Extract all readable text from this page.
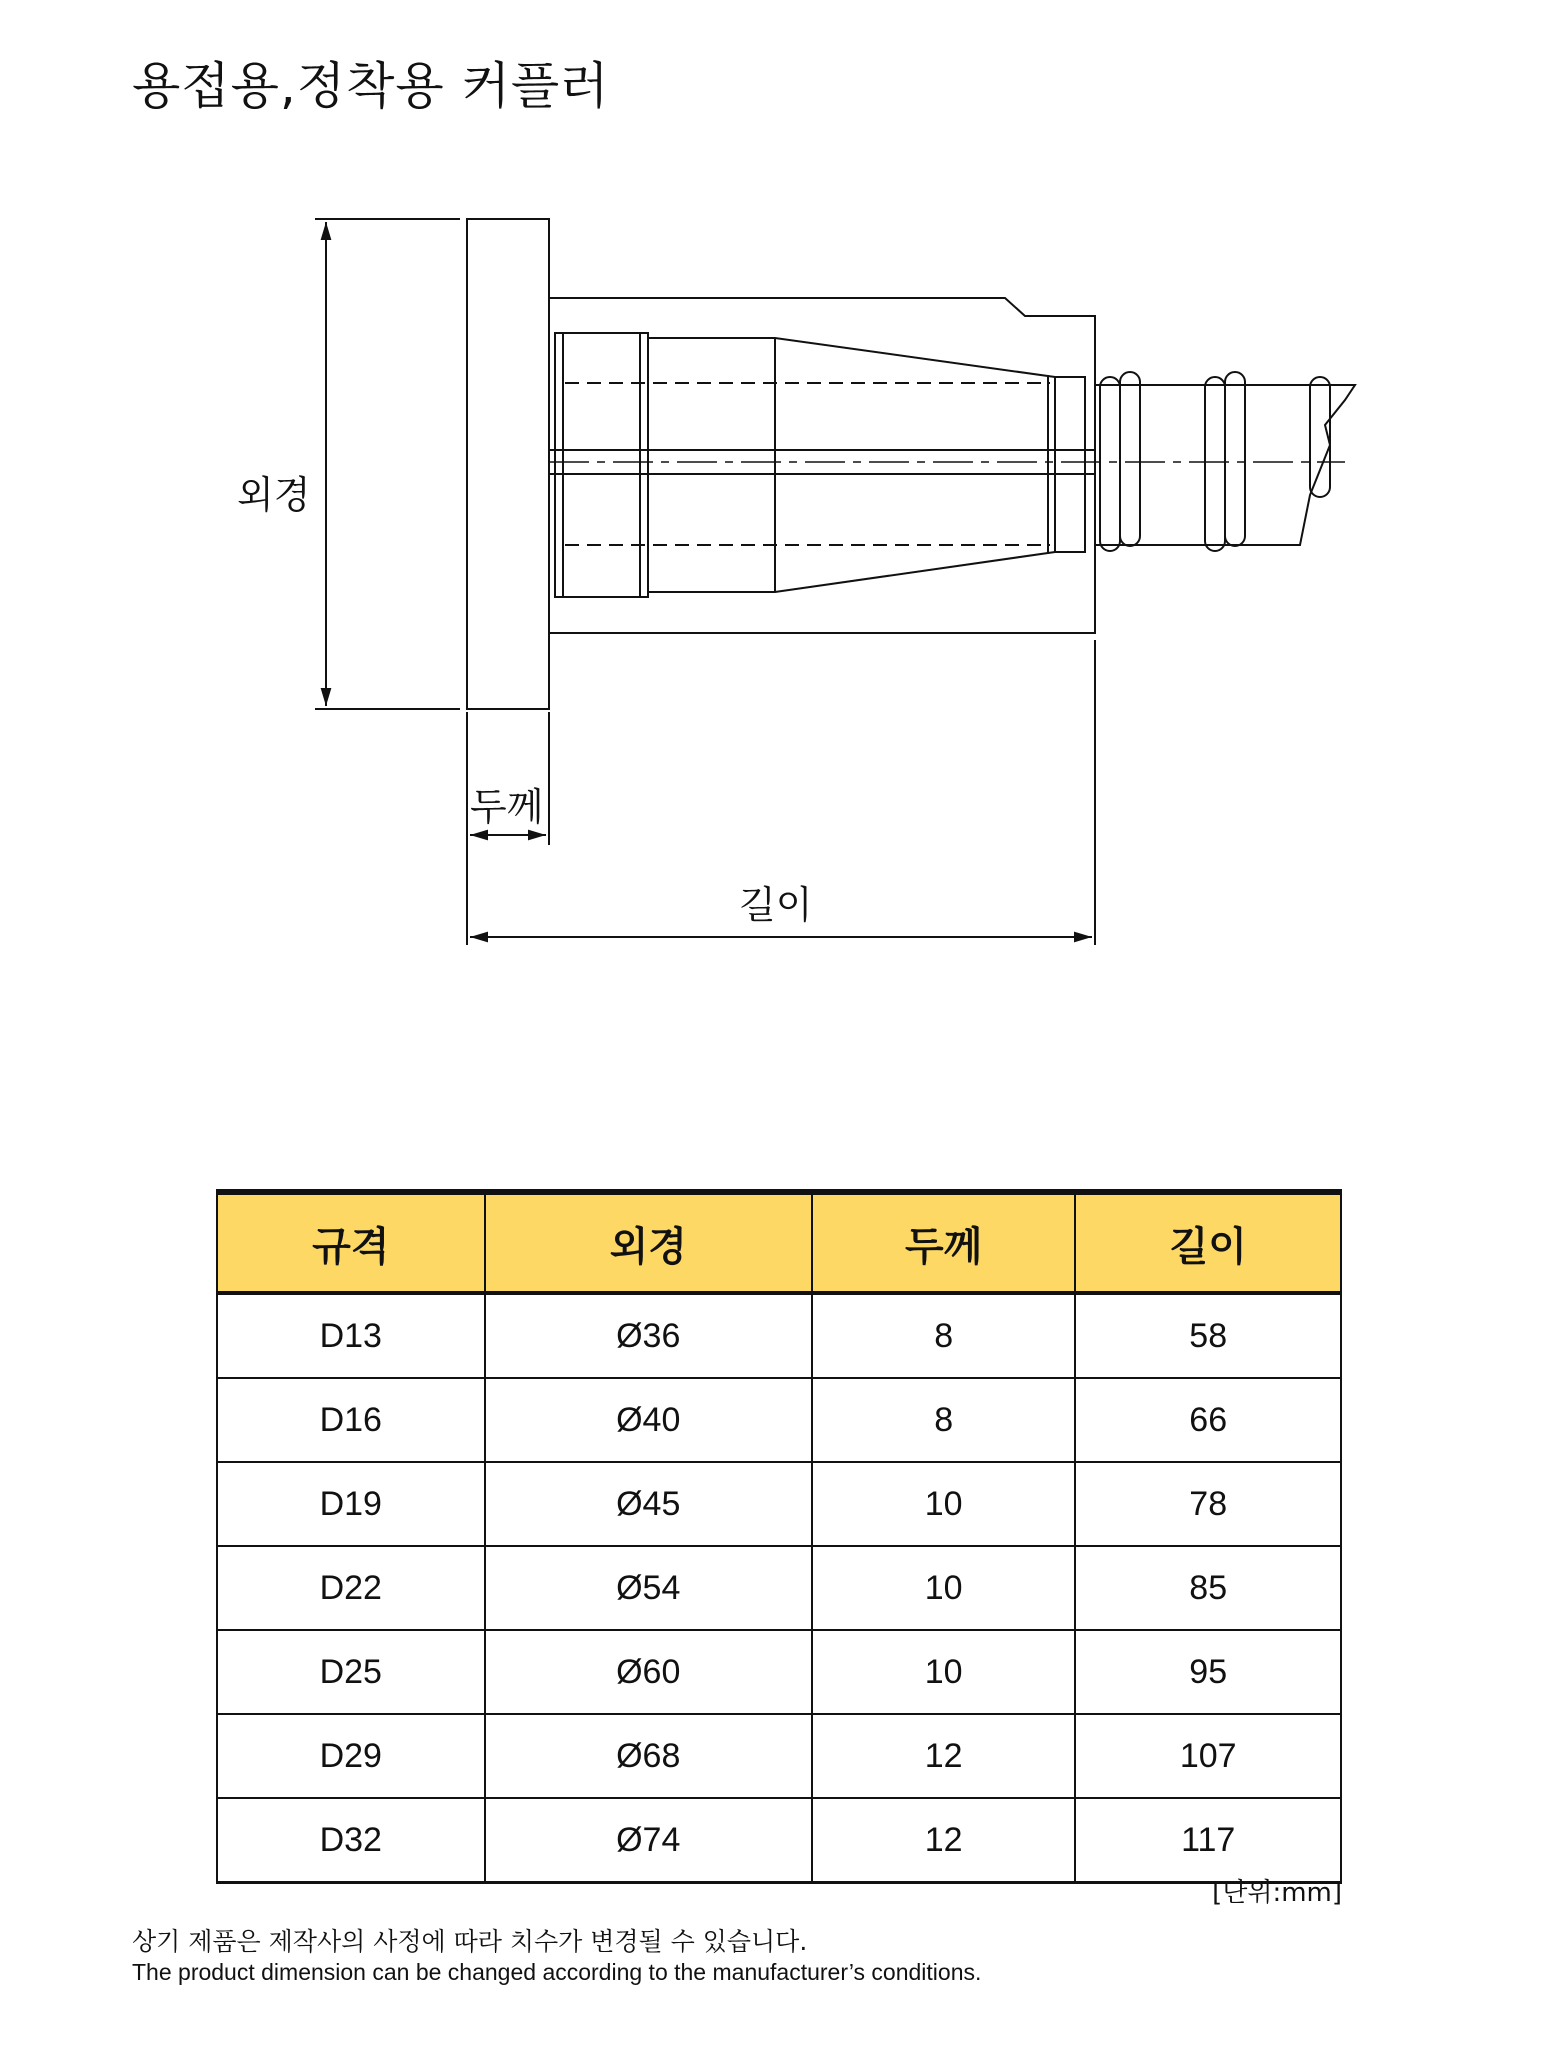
용접용,정착용 커플러
외경
두께
길이
규격	외경	두께	길이
D13	Ø36	8	58
D16	Ø40	8	66
D19	Ø45	10	78
D22	Ø54	10	85
D25	Ø60	10	95
D29	Ø68	12	107
D32	Ø74	12	117
[단위:mm]
상기 제품은 제작사의 사정에 따라 치수가 변경될 수 있습니다.
The product dimension can be changed according to the manufacturer’s conditions.
